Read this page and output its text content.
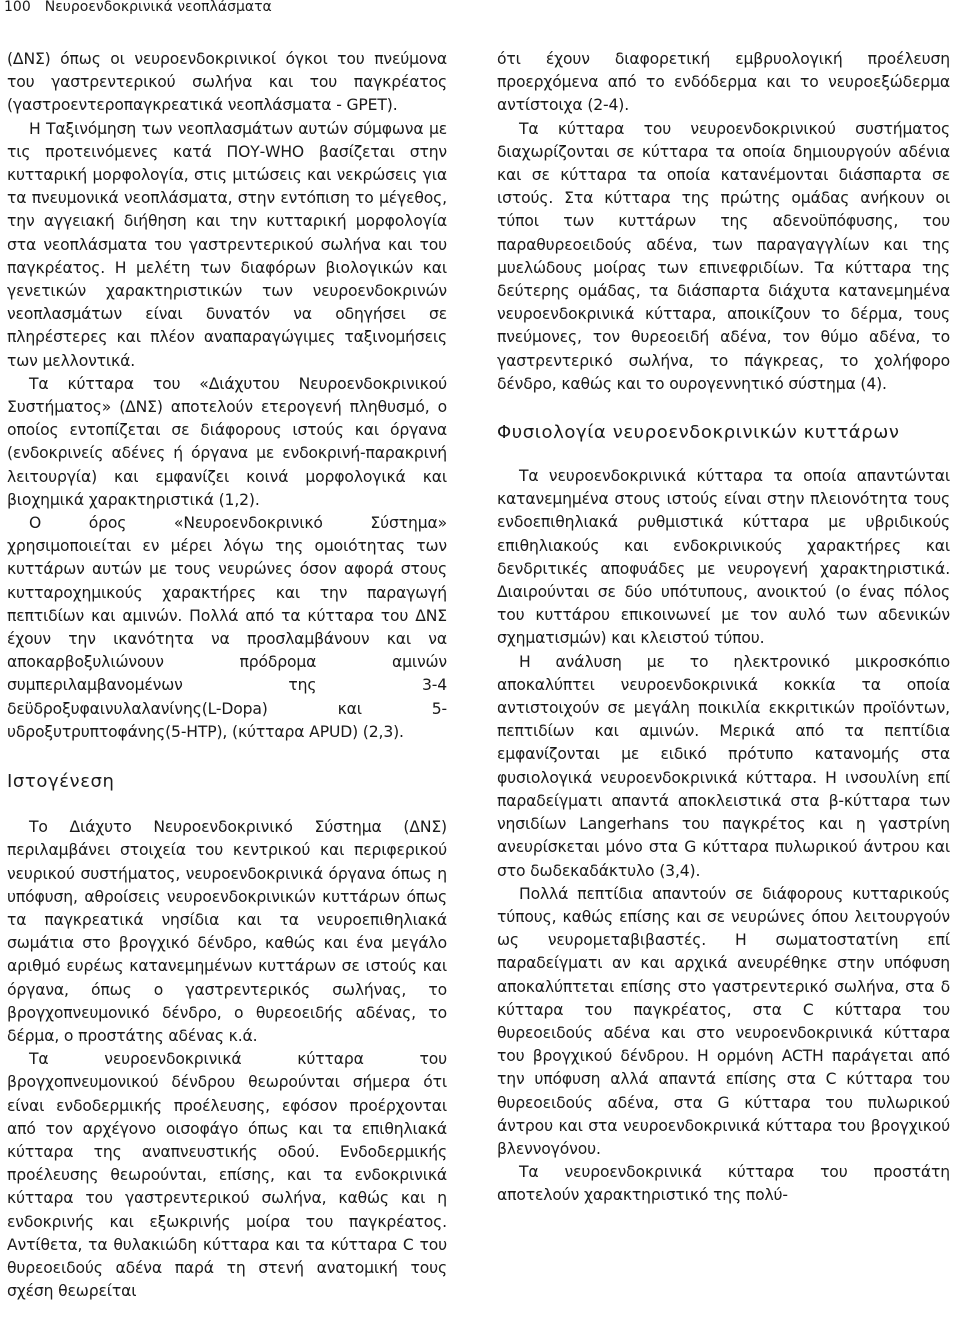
100 Νευροενδοκρινικά νεοπλάσματα

(ΔΝΣ) όπως οι νευροενδοκρινικοί όγκοι του πνεύμονα του γαστρεντερικού σωλήνα και του παγκρέατος (γαστροεντεροπαγκρεατικά νεοπλάσματα - GPET).

Η Ταξινόμηση των νεοπλασμάτων αυτών σύμφωνα με τις προτεινόμενες κατά ΠΟΥ-WHO βασίζεται στην κυτταρική μορφολογία, στις μιτώσεις και νεκρώσεις για τα πνευμονικά νεοπλάσματα, στην εντόπιση το μέγεθος, την αγγειακή διήθηση και την κυτταρική μορφολογία στα νεοπλάσματα του γαστρεντερικού σωλήνα και του παγκρέατος. Η μελέτη των διαφόρων βιολογικών και γενετικών χαρακτηριστικών των νευροενδοκρινών νεοπλασμάτων είναι δυνατόν να οδηγήσει σε πληρέστερες και πλέον αναπαραγώγιμες ταξινομήσεις των μελλοντικά.

Τα κύτταρα του «Διάχυτου Νευροενδοκρινικού Συστήματος» (ΔΝΣ) αποτελούν ετερογενή πληθυσμό, ο οποίος εντοπίζεται σε διάφορους ιστούς και όργανα (ενδοκρινείς αδένες ή όργανα με ενδοκρινή-παρακρινή λειτουργία) και εμφανίζει κοινά μορφολογικά και βιοχημικά χαρακτηριστικά (1,2).

Ο όρος «Νευροενδοκρινικό Σύστημα» χρησιμοποιείται εν μέρει λόγω της ομοιότητας των κυττάρων αυτών με τους νευρώνες όσον αφορά στους κυτταροχημικούς χαρακτήρες και την παραγωγή πεπτιδίων και αμινών. Πολλά από τα κύτταρα του ΔΝΣ έχουν την ικανότητα να προσλαμβάνουν και να αποκαρβοξυλιώνουν πρόδρομα αμινών συμπεριλαμβανομένων της 3-4 δεϋδροξυφαινυλαλανίνης(L-Dopa) και 5-υδροξυτρυπτοφάνης(5-HTP), (κύτταρα APUD) (2,3).

Ιστογένεση

Το Διάχυτο Νευροενδοκρινικό Σύστημα (ΔΝΣ) περιλαμβάνει στοιχεία του κεντρικού και περιφερικού νευρικού συστήματος, νευροενδοκρινικά όργανα όπως η υπόφυση, αθροίσεις νευροενδοκρινικών κυττάρων όπως τα παγκρεατικά νησίδια και τα νευροεπιθηλιακά σωμάτια στο βρογχικό δένδρο, καθώς και ένα μεγάλο αριθμό ευρέως κατανεμημένων κυττάρων σε ιστούς και όργανα, όπως ο γαστρεντερικός σωλήνας, το βρογχοπνευμονικό δένδρο, ο θυρεοειδής αδένας, το δέρμα, ο προστάτης αδένας κ.ά.

Τα νευροενδοκρινικά κύτταρα του βρογχοπνευμονικού δένδρου θεωρούνται σήμερα ότι είναι ενδοδερμικής προέλευσης, εφόσον προέρχονται από τον αρχέγονο οισοφάγο όπως και τα επιθηλιακά κύτταρα της αναπνευστικής οδού. Ενδοδερμικής προέλευσης θεωρούνται, επίσης, και τα ενδοκρινικά κύτταρα του γαστρεντερικού σωλήνα, καθώς και η ενδοκρινής και εξωκρινής μοίρα του παγκρέατος. Αντίθετα, τα θυλακιώδη κύτταρα και τα κύτταρα C του θυρεοειδούς αδένα παρά τη στενή ανατομική τους σχέση θεωρείται

ότι έχουν διαφορετική εμβρυολογική προέλευση προερχόμενα από το ενδόδερμα και το νευροεξώδερμα αντίστοιχα (2-4).

Τα κύτταρα του νευροενδοκρινικού συστήματος διαχωρίζονται σε κύτταρα τα οποία δημιουργούν αδένια και σε κύτταρα τα οποία κατανέμονται διάσπαρτα σε ιστούς. Στα κύτταρα της πρώτης ομάδας ανήκουν οι τύποι των κυττάρων της αδενοϋπόφυσης, του παραθυρεοειδούς αδένα, των παραγαγγλίων και της μυελώδους μοίρας των επινεφριδίων. Τα κύτταρα της δεύτερης ομάδας, τα διάσπαρτα διάχυτα κατανεμημένα νευροενδοκρινικά κύτταρα, αποικίζουν το δέρμα, τους πνεύμονες, τον θυρεοειδή αδένα, τον θύμο αδένα, το γαστρεντερικό σωλήνα, το πάγκρεας, το χολήφορο δένδρο, καθώς και το ουρογεννητικό σύστημα (4).

Φυσιολογία νευροενδοκρινικών κυττάρων

Τα νευροενδοκρινικά κύτταρα τα οποία απαντώνται κατανεμημένα στους ιστούς είναι στην πλειονότητα τους ενδοεπιθηλιακά ρυθμιστικά κύτταρα με υβριδικούς επιθηλιακούς και ενδοκρινικούς χαρακτήρες και δενδριτικές αποφυάδες με νευρογενή χαρακτηριστικά. Διαιρούνται σε δύο υπότυπους, ανοικτού (ο ένας πόλος του κυττάρου επικοινωνεί με τον αυλό των αδενικών σχηματισμών) και κλειστού τύπου.

Η ανάλυση με το ηλεκτρονικό μικροσκόπιο αποκαλύπτει νευροενδοκρινικά κοκκία τα οποία αντιστοιχούν σε μεγάλη ποικιλία εκκριτικών προϊόντων, πεπτιδίων και αμινών. Μερικά από τα πεπτίδια εμφανίζονται με ειδικό πρότυπο κατανομής στα φυσιολογικά νευροενδοκρινικά κύτταρα. Η ινσουλίνη επί παραδείγματι απαντά αποκλειστικά στα β-κύτταρα των νησιδίων Langerhans του παγκρέτος και η γαστρίνη ανευρίσκεται μόνο στα G κύτταρα πυλωρικού άντρου και στο δωδεκαδάκτυλο (3,4).

Πολλά πεπτίδια απαντούν σε διάφορους κυτταρικούς τύπους, καθώς επίσης και σε νευρώνες όπου λειτουργούν ως νευρομεταβιβαστές. Η σωματοστατίνη επί παραδείγματι αν και αρχικά ανευρέθηκε στην υπόφυση αποκαλύπτεται επίσης στο γαστρεντερικό σωλήνα, στα δ κύτταρα του παγκρέατος, στα C κύτταρα του θυρεοειδούς αδένα και στο νευροενδοκρινικά κύτταρα του βρογχικού δένδρου. Η ορμόνη ACTH παράγεται από την υπόφυση αλλά απαντά επίσης στα C κύτταρα του θυρεοειδούς αδένα, στα G κύτταρα του πυλωρικού άντρου και στα νευροενδοκρινικά κύτταρα του βρογχικού βλεννογόνου.

Τα νευροενδοκρινικά κύτταρα του προστάτη αποτελούν χαρακτηριστικό της πολύ-
